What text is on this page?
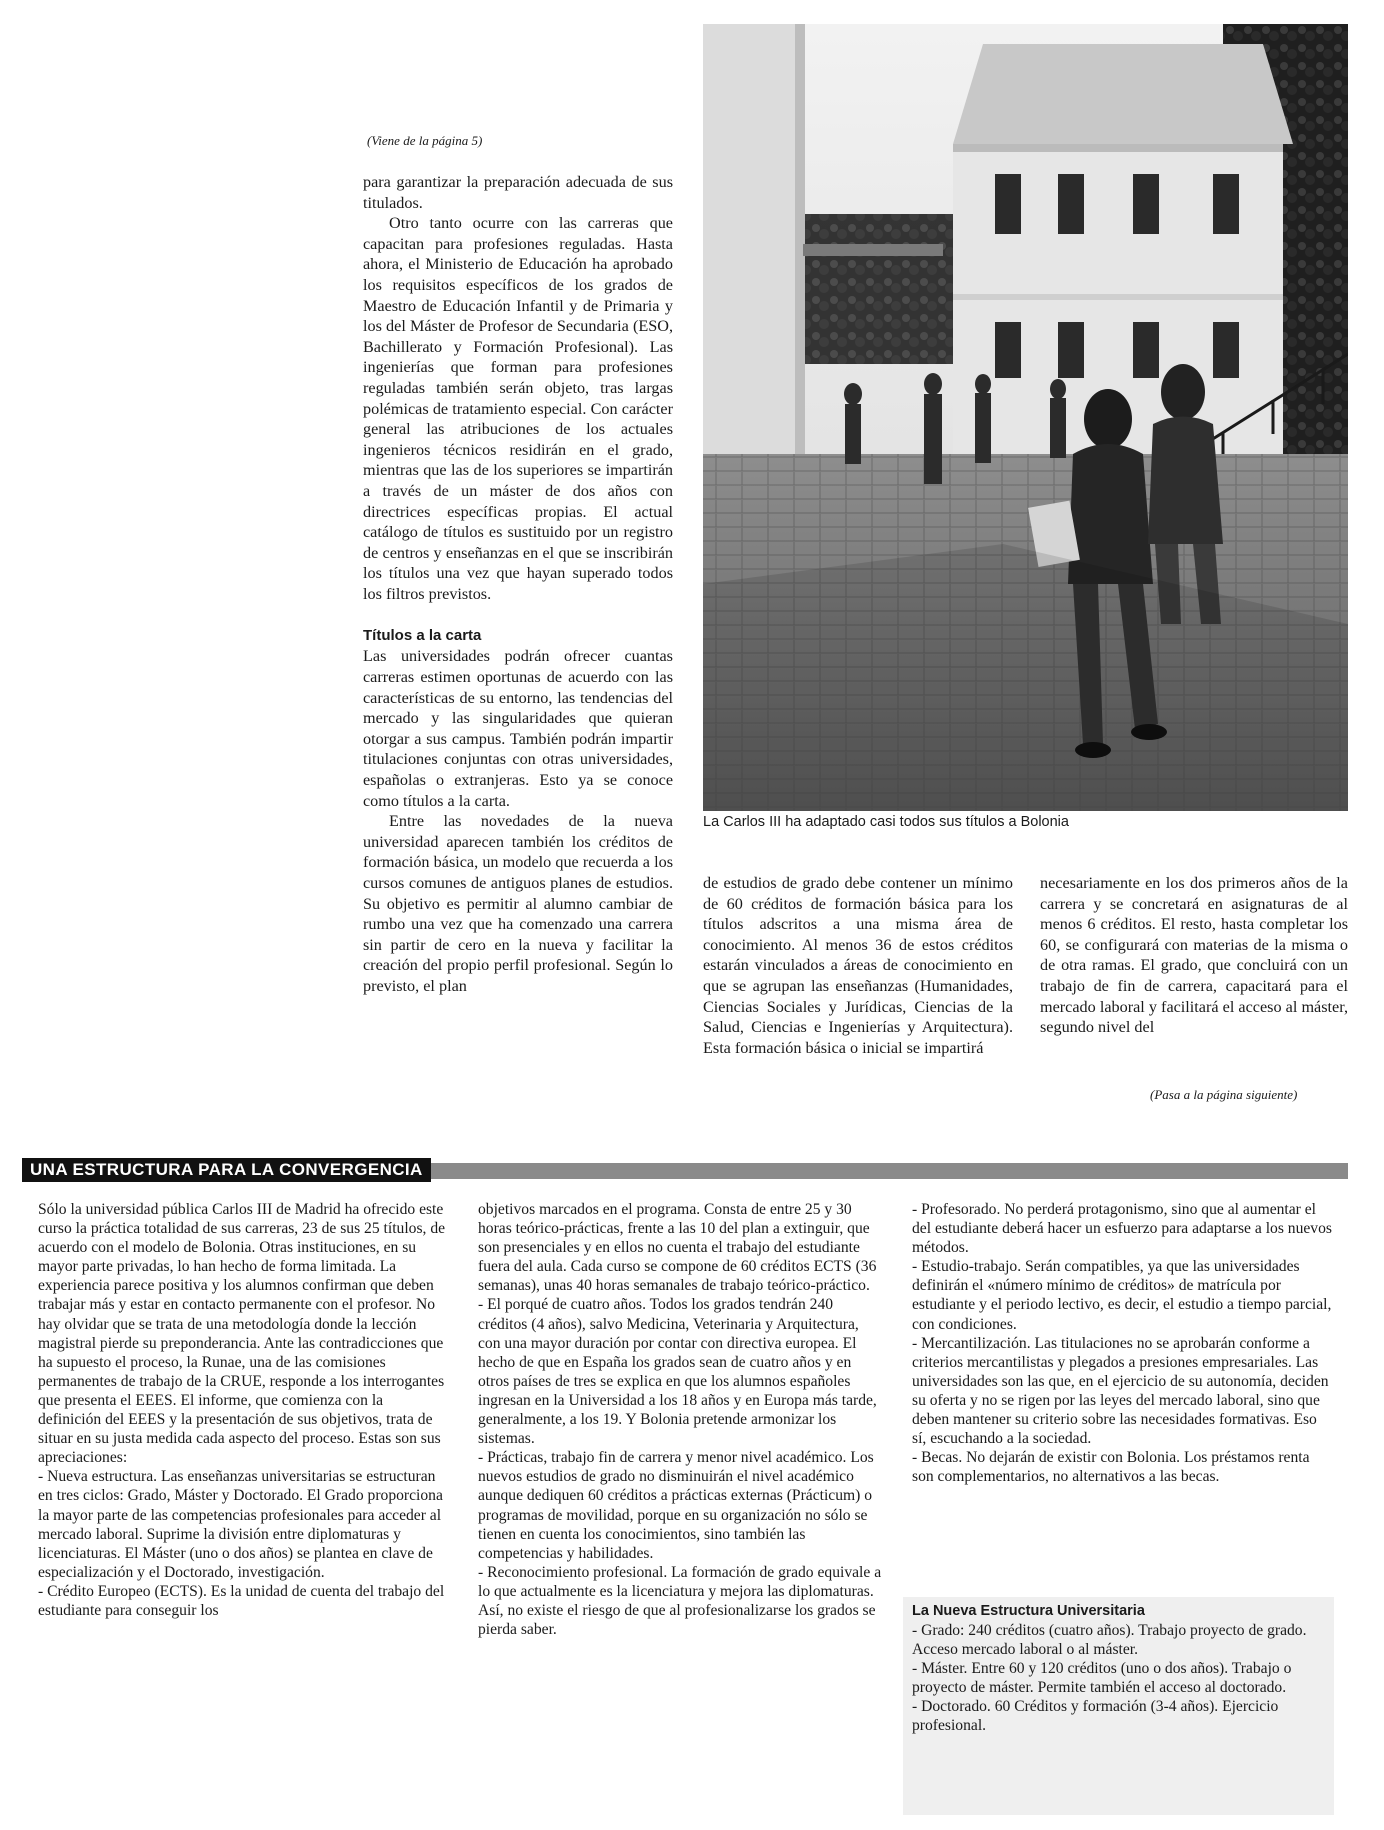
(Viene de la página 5)

para garantizar la preparación adecuada de sus titulados.

Otro tanto ocurre con las carreras que capacitan para profesiones reguladas. Hasta ahora, el Ministerio de Educación ha aprobado los requisitos específicos de los grados de Maestro de Educación Infantil y de Primaria y los del Máster de Profesor de Secundaria (ESO, Bachillerato y Formación Profesional). Las ingenierías que forman para profesiones reguladas también serán objeto, tras largas polémicas de tratamiento especial. Con carácter general las atribuciones de los actuales ingenieros técnicos residirán en el grado, mientras que las de los superiores se impartirán a través de un máster de dos años con directrices específicas propias. El actual catálogo de títulos es sustituido por un registro de centros y enseñanzas en el que se inscribirán los títulos una vez que hayan superado todos los filtros previstos.

Títulos a la carta

Las universidades podrán ofrecer cuantas carreras estimen oportunas de acuerdo con las características de su entorno, las tendencias del mercado y las singularidades que quieran otorgar a sus campus. También podrán impartir titulaciones conjuntas con otras universidades, españolas o extranjeras. Esto ya se conoce como títulos a la carta.

Entre las novedades de la nueva universidad aparecen también los créditos de formación básica, un modelo que recuerda a los cursos comunes de antiguos planes de estudios. Su objetivo es permitir al alumno cambiar de rumbo una vez que ha comenzado una carrera sin partir de cero en la nueva y facilitar la creación del propio perfil profesional. Según lo previsto, el plan

La Carlos III ha adaptado casi todos sus títulos a Bolonia

de estudios de grado debe contener un mínimo de 60 créditos de formación básica para los títulos adscritos a una misma área de conocimiento. Al menos 36 de estos créditos estarán vinculados a áreas de conocimiento en que se agrupan las enseñanzas (Humanidades, Ciencias Sociales y Jurídicas, Ciencias de la Salud, Ciencias e Ingenierías y Arquitectura). Esta formación básica o inicial se impartirá

necesariamente en los dos primeros años de la carrera y se concretará en asignaturas de al menos 6 créditos. El resto, hasta completar los 60, se configurará con materias de la misma o de otra ramas. El grado, que concluirá con un trabajo de fin de carrera, capacitará para el mercado laboral y facilitará el acceso al máster, segundo nivel del

(Pasa a la página siguiente)
UNA ESTRUCTURA PARA LA CONVERGENCIA

Sólo la universidad pública Carlos III de Madrid ha ofrecido este curso la práctica totalidad de sus carreras, 23 de sus 25 títulos, de acuerdo con el modelo de Bolonia. Otras instituciones, en su mayor parte privadas, lo han hecho de forma limitada. La experiencia parece positiva y los alumnos confirman que deben trabajar más y estar en contacto permanente con el profesor. No hay olvidar que se trata de una metodología donde la lección magistral pierde su preponderancia. Ante las contradicciones que ha supuesto el proceso, la Runae, una de las comisiones permanentes de trabajo de la CRUE, responde a los interrogantes que presenta el EEES. El informe, que comienza con la definición del EEES y la presentación de sus objetivos, trata de situar en su justa medida cada aspecto del proceso. Estas son sus apreciaciones:

- Nueva estructura. Las enseñanzas universitarias se estructuran en tres ciclos: Grado, Máster y Doctorado. El Grado proporciona la mayor parte de las competencias profesionales para acceder al mercado laboral. Suprime la división entre diplomaturas y licenciaturas. El Máster (uno o dos años) se plantea en clave de especialización y el Doctorado, investigación.

- Crédito Europeo (ECTS). Es la unidad de cuenta del trabajo del estudiante para conseguir los

objetivos marcados en el programa. Consta de entre 25 y 30 horas teórico-prácticas, frente a las 10 del plan a extinguir, que son presenciales y en ellos no cuenta el trabajo del estudiante fuera del aula. Cada curso se compone de 60 créditos ECTS (36 semanas), unas 40 horas semanales de trabajo teórico-práctico.

- El porqué de cuatro años. Todos los grados tendrán 240 créditos (4 años), salvo Medicina, Veterinaria y Arquitectura, con una mayor duración por contar con directiva europea. El hecho de que en España los grados sean de cuatro años y en otros países de tres se explica en que los alumnos españoles ingresan en la Universidad a los 18 años y en Europa más tarde, generalmente, a los 19. Y Bolonia pretende armonizar los sistemas.

- Prácticas, trabajo fin de carrera y menor nivel académico. Los nuevos estudios de grado no disminuirán el nivel académico aunque dediquen 60 créditos a prácticas externas (Prácticum) o programas de movilidad, porque en su organización no sólo se tienen en cuenta los conocimientos, sino también las competencias y habilidades.

- Reconocimiento profesional. La formación de grado equivale a lo que actualmente es la licenciatura y mejora las diplomaturas. Así, no existe el riesgo de que al profesionalizarse los grados se pierda saber.

- Profesorado. No perderá protagonismo, sino que al aumentar el del estudiante deberá hacer un esfuerzo para adaptarse a los nuevos métodos.

- Estudio-trabajo. Serán compatibles, ya que las universidades definirán el «número mínimo de créditos» de matrícula por estudiante y el periodo lectivo, es decir, el estudio a tiempo parcial, con condiciones.

- Mercantilización. Las titulaciones no se aprobarán conforme a criterios mercantilistas y plegados a presiones empresariales. Las universidades son las que, en el ejercicio de su autonomía, deciden su oferta y no se rigen por las leyes del mercado laboral, sino que deben mantener su criterio sobre las necesidades formativas. Eso sí, escuchando a la sociedad.

- Becas. No dejarán de existir con Bolonia. Los préstamos renta son complementarios, no alternativos a las becas.

La Nueva Estructura Universitaria

- Grado: 240 créditos (cuatro años). Trabajo proyecto de grado. Acceso mercado laboral o al máster.

- Máster. Entre 60 y 120 créditos (uno o dos años). Trabajo o proyecto de máster. Permite también el acceso al doctorado.

- Doctorado. 60 Créditos y formación (3-4 años). Ejercicio profesional.
